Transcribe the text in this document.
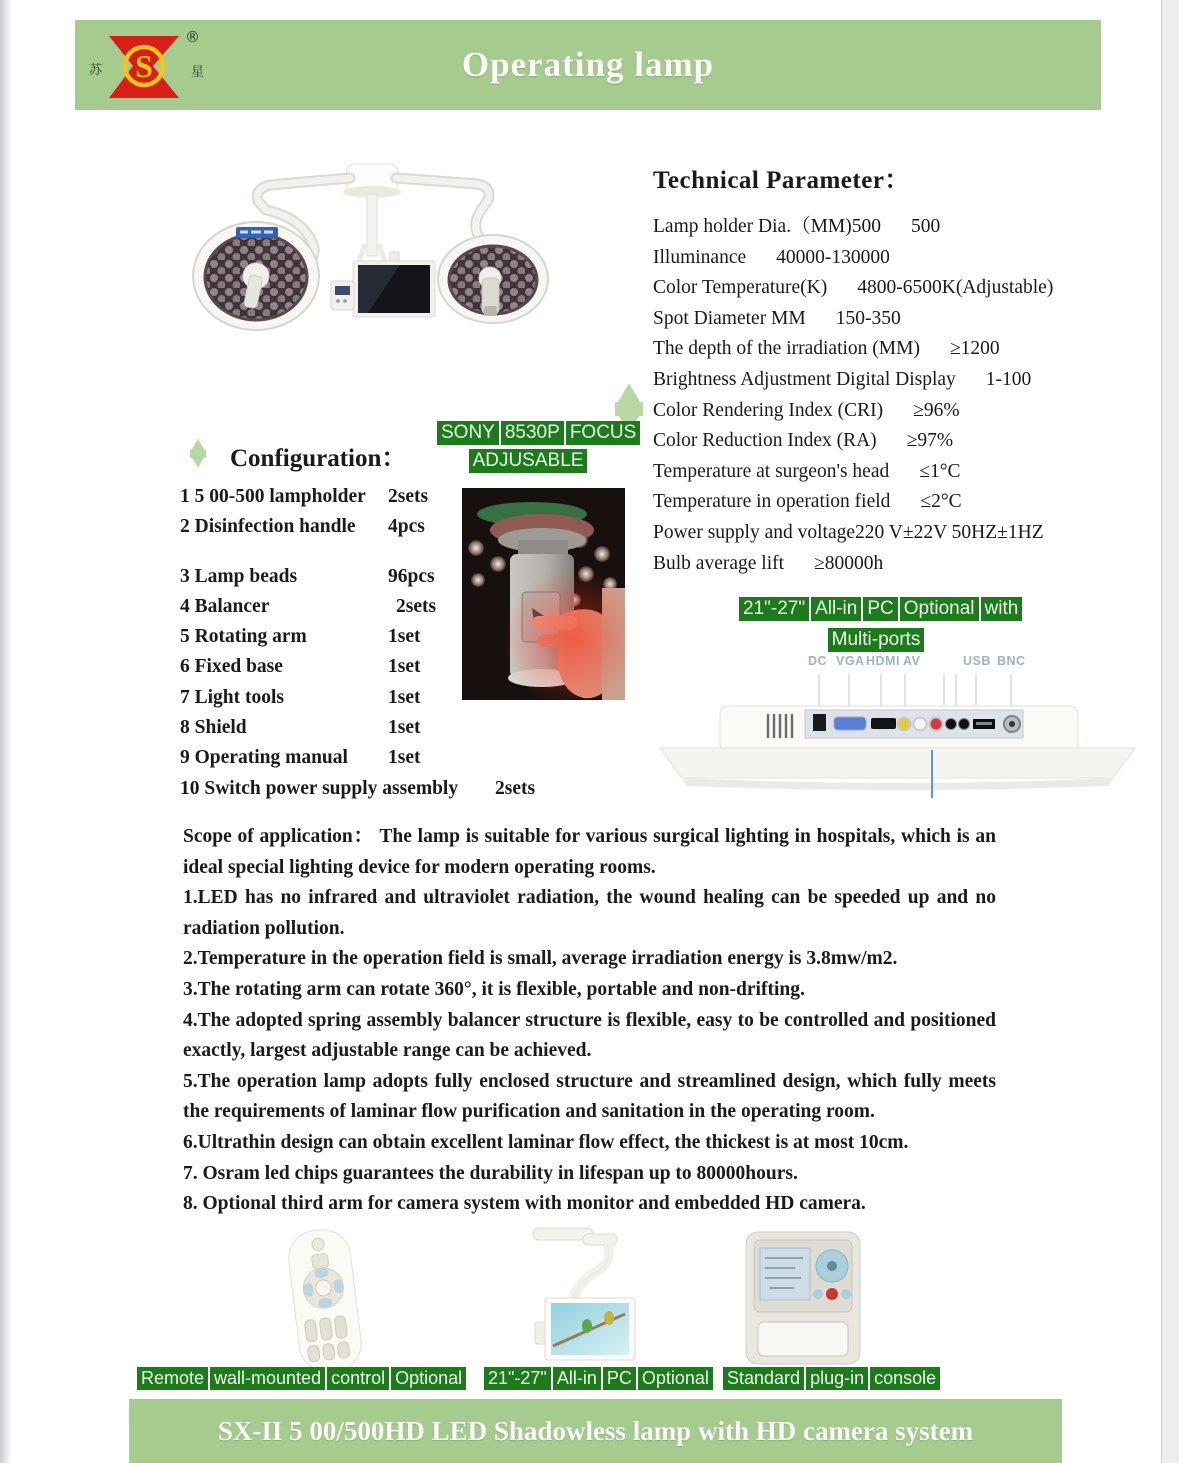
Operating lamp
苏	星
®
S
Technical Parameter：
Lamp holder Dia.（MM)500 500
Illuminance 40000-130000
Color Temperature(K) 4800-6500K(Adjustable)
Spot Diameter MM 150-350
The depth of the irradiation (MM) ≥1200
Brightness Adjustment Digital Display 1-100
Color Rendering Index (CRI) ≥96%
Color Reduction Index (RA) ≥97%
Temperature at surgeon's head ≤1°C
Temperature in operation field ≤2°C
Power supply and voltage220 V±22V 50HZ±1HZ
Bulb average lift ≥80000h
SONY 8530P FOCUS
ADJUSABLE
Configuration：
1 5 00-500 lampholder 2sets
2 Disinfection handle 4pcs
3 Lamp beads	96pcs
4 Balancer	2sets
5 Rotating arm	1set
6 Fixed base	1set
7 Light tools	1set
8 Shield	1set
9 Operating manual 1set
10 Switch power supply assembly 2sets
21"-27" All-in PC Optional with
Multi-ports
DC VGA HDMI AV	USB BNC

Scope of application： The lamp is suitable for various surgical lighting in hospitals, which is an ideal special lighting device for modern operating rooms.

1.LED has no infrared and ultraviolet radiation, the wound healing can be speeded up and no radiation pollution.

2.Temperature in the operation field is small, average irradiation energy is 3.8mw/m2.

3.The rotating arm can rotate 360°, it is flexible, portable and non-drifting.

4.The adopted spring assembly balancer structure is flexible, easy to be controlled and positioned exactly, largest adjustable range can be achieved.

5.The operation lamp adopts fully enclosed structure and streamlined design, which fully meets the requirements of laminar flow purification and sanitation in the operating room.

6.Ultrathin design can obtain excellent laminar flow effect, the thickest is at most 10cm.

7. Osram led chips guarantees the durability in lifespan up to 80000hours.

8. Optional third arm for camera system with monitor and embedded HD camera.

Remote wall-mounted control Optional 21"-27" All-in PC Optional Standard plug-in console
SX-II 5 00/500HD LED Shadowless lamp with HD camera system
